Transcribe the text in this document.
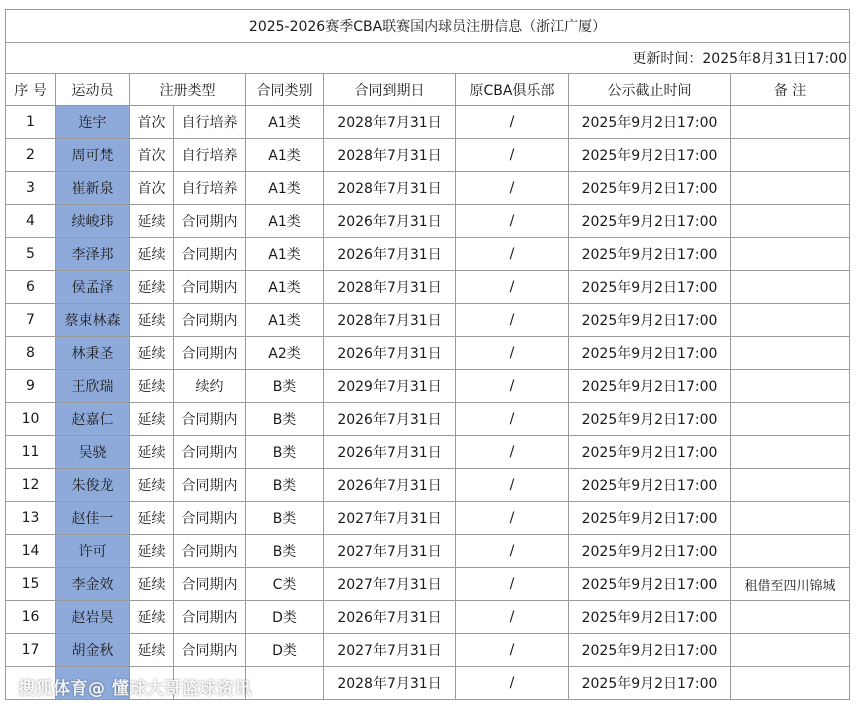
2025-2026赛季CBA联赛国内球员注册信息（浙江广厦）								
更新时间：2025年8月31日17:00								
序 号	运动员	注册类型		合同类别	合同到期日	原CBA俱乐部	公示截止时间	备 注
1	连宇	首次	自行培养	A1类	2028年7月31日	/	2025年9月2日17:00	
2	周可梵	首次	自行培养	A1类	2028年7月31日	/	2025年9月2日17:00	
3	崔新泉	首次	自行培养	A1类	2028年7月31日	/	2025年9月2日17:00	
4	续峻玮	延续	合同期内	A1类	2026年7月31日	/	2025年9月2日17:00	
5	李泽邦	延续	合同期内	A1类	2026年7月31日	/	2025年9月2日17:00	
6	侯孟泽	延续	合同期内	A1类	2028年7月31日	/	2025年9月2日17:00	
7	蔡束林森	延续	合同期内	A1类	2028年7月31日	/	2025年9月2日17:00	
8	林秉圣	延续	合同期内	A2类	2026年7月31日	/	2025年9月2日17:00	
9	王欣瑞	延续	续约	B类	2029年7月31日	/	2025年9月2日17:00	
10	赵嘉仁	延续	合同期内	B类	2026年7月31日	/	2025年9月2日17:00	
11	吴骁	延续	合同期内	B类	2026年7月31日	/	2025年9月2日17:00	
12	朱俊龙	延续	合同期内	B类	2026年7月31日	/	2025年9月2日17:00	
13	赵佳一	延续	合同期内	B类	2027年7月31日	/	2025年9月2日17:00	
14	许可	延续	合同期内	B类	2027年7月31日	/	2025年9月2日17:00	
15	李金效	延续	合同期内	C类	2027年7月31日	/	2025年9月2日17:00	租借至四川锦城
16	赵岩昊	延续	合同期内	D类	2026年7月31日	/	2025年9月2日17:00	
17	胡金秋	延续	合同期内	D类	2027年7月31日	/	2025年9月2日17:00	
					2028年7月31日	/	2025年9月2日17:00	
搜狐体育@ 懂球大哥篮球资讯
